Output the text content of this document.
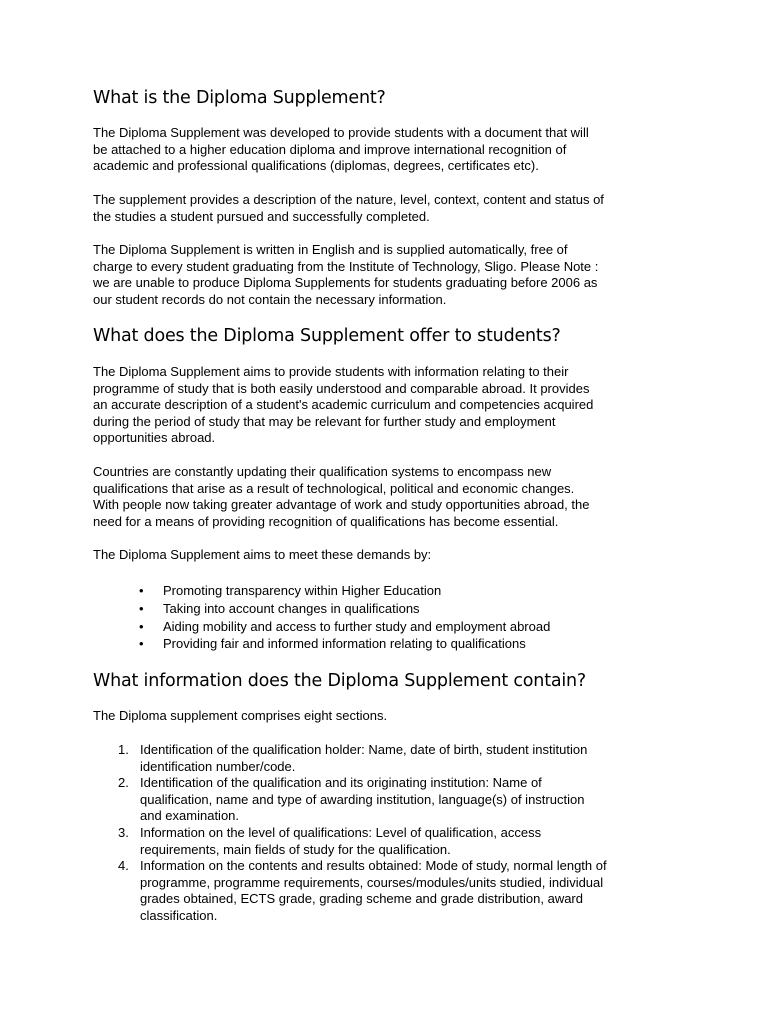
What is the Diploma Supplement?

The Diploma Supplement was developed to provide students with a document that will
be attached to a higher education diploma and improve international recognition of
academic and professional qualifications (diplomas, degrees, certificates etc).

The supplement provides a description of the nature, level, context, content and status of
the studies a student pursued and successfully completed.

The Diploma Supplement is written in English and is supplied automatically, free of
charge to every student graduating from the Institute of Technology, Sligo. Please Note :
we are unable to produce Diploma Supplements for students graduating before 2006 as
our student records do not contain the necessary information.

What does the Diploma Supplement offer to students?

The Diploma Supplement aims to provide students with information relating to their
programme of study that is both easily understood and comparable abroad. It provides
an accurate description of a student's academic curriculum and competencies acquired
during the period of study that may be relevant for further study and employment
opportunities abroad.

Countries are constantly updating their qualification systems to encompass new
qualifications that arise as a result of technological, political and economic changes.
With people now taking greater advantage of work and study opportunities abroad, the
need for a means of providing recognition of qualifications has become essential.

The Diploma Supplement aims to meet these demands by:

• Promoting transparency within Higher Education
• Taking into account changes in qualifications
• Aiding mobility and access to further study and employment abroad
• Providing fair and informed information relating to qualifications
What information does the Diploma Supplement contain?

The Diploma supplement comprises eight sections.

1. Identification of the qualification holder: Name, date of birth, student institution
identification number/code.
2. Identification of the qualification and its originating institution: Name of
qualification, name and type of awarding institution, language(s) of instruction
and examination.
3. Information on the level of qualifications: Level of qualification, access
requirements, main fields of study for the qualification.
4. Information on the contents and results obtained: Mode of study, normal length of
programme, programme requirements, courses/modules/units studied, individual
grades obtained, ECTS grade, grading scheme and grade distribution, award
classification.
